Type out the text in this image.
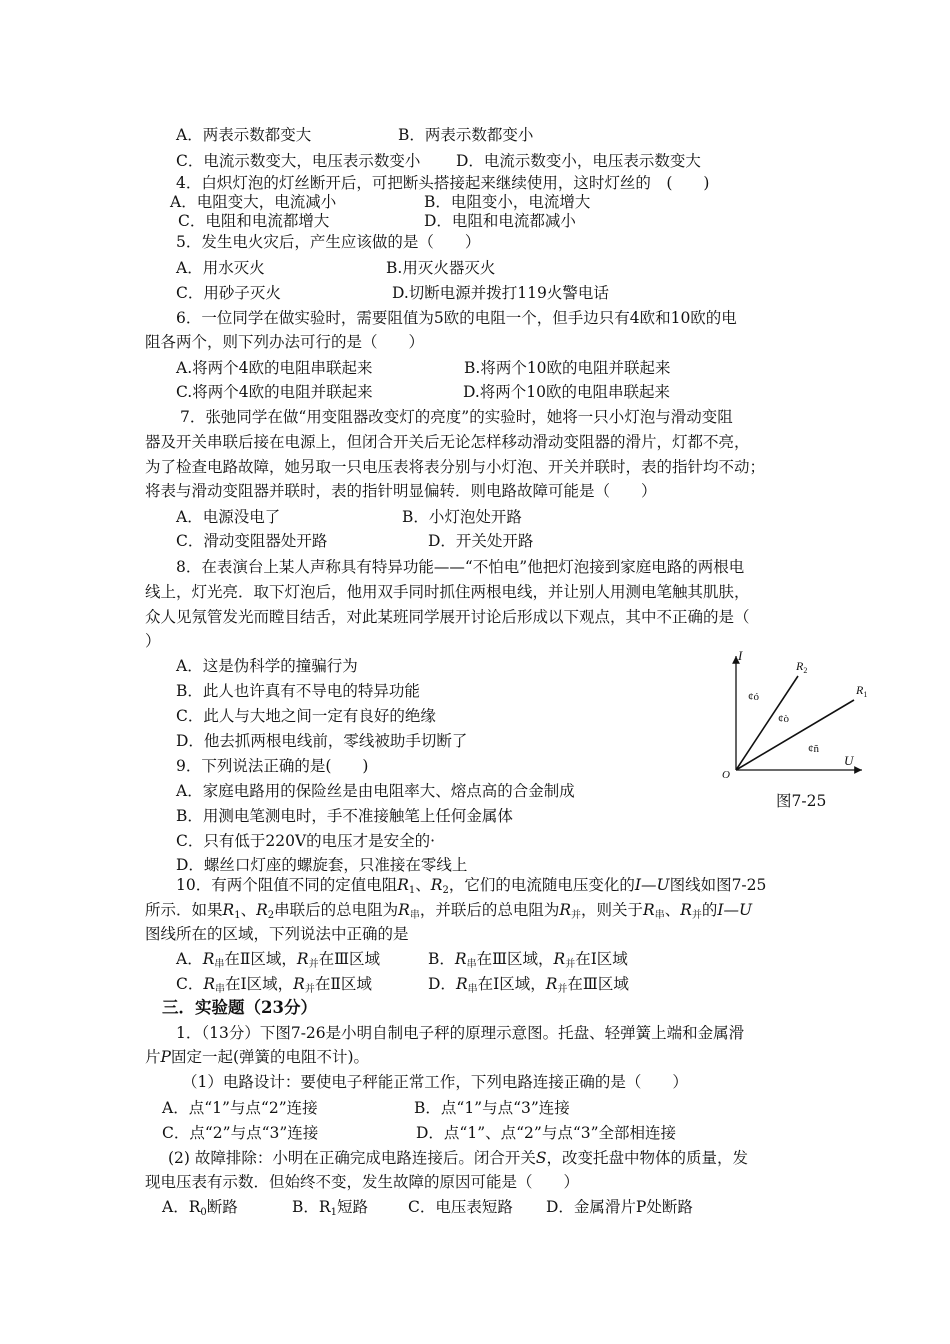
A．两表示数都变大	B．两表示数都变小
C．电流示数变大，电压表示数变小 D．电流示数变小，电压表示数变大
4．白炽灯泡的灯丝断开后，可把断头搭接起来继续使用，这时灯丝的　(　　)
A．电阻变大，电流减小	B．电阻变小，电流增大
C．电阻和电流都增大	D．电阻和电流都减小
5．发生电火灾后，产生应该做的是（　　）
A．用水灭火	B.用灭火器灭火
C．用砂子灭火	D.切断电源并拨打119火警电话
6．一位同学在做实验时，需要阻值为5欧的电阻一个，但手边只有4欧和10欧的电
阻各两个，则下列办法可行的是（　　）
A.将两个4欧的电阻串联起来	B.将两个10欧的电阻并联起来
C.将两个4欧的电阻并联起来	D.将两个10欧的电阻串联起来
7．张弛同学在做“用变阻器改变灯的亮度”的实验时，她将一只小灯泡与滑动变阻
器及开关串联后接在电源上，但闭合开关后无论怎样移动滑动变阻器的滑片，灯都不亮，
为了检查电路故障，她另取一只电压表将表分别与小灯泡、开关并联时，表的指针均不动；
将表与滑动变阻器并联时，表的指针明显偏转．则电路故障可能是（　　）
A．电源没电了	B．小灯泡处开路
C．滑动变阻器处开路	D．开关处开路
8．在表演台上某人声称具有特异功能——“不怕电”他把灯泡接到家庭电路的两根电
线上，灯光亮．取下灯泡后，他用双手同时抓住两根电线，并让别人用测电笔触其肌肤，
众人见氖管发光而瞠目结舌，对此某班同学展开讨论后形成以下观点，其中不正确的是（
）
A．这是伪科学的撞骗行为
B．此人也许真有不导电的特异功能
C．此人与大地之间一定有良好的绝缘
D．他去抓两根电线前，零线被助手切断了
9．下列说法正确的是(　　)
A．家庭电路用的保险丝是由电阻率大、熔点高的合金制成
B．用测电笔测电时，手不准接触笔上任何金属体
C．只有低于220V的电压才是安全的·
D．螺丝口灯座的螺旋套，只准接在零线上
I
U
O
$R_2$
$R_1$
¢ó
¢ò
¢ñ
图7-25
10．有两个阻值不同的定值电阻$R_1$、$R_2$，它们的电流随电压变化的I—U图线如图7-25
所示．如果$R_1$、$R_2$串联后的总电阻为$R_串$，并联后的总电阻为$R_并$，则关于$R_串$、$R_并$的I—U
图线所在的区域，下列说法中正确的是
A．$R_串$在Ⅱ区域，$R_并$在Ⅲ区域	B．$R_串$在Ⅲ区域，$R_并$在Ⅰ区域
C．$R_串$在Ⅰ区域，$R_并$在Ⅱ区域	D．$R_串$在Ⅰ区域，$R_并$在Ⅲ区域
三．实验题（23分）
1．（13分）下图7-26是小明自制电子秤的原理示意图。托盘、轻弹簧上端和金属滑
片P固定一起(弹簧的电阻不计)。
（1）电路设计：要使电子秤能正常工作，下列电路连接正确的是（　　）
A．点“1”与点“2”连接	B．点“1”与点“3”连接
C．点“2”与点“3”连接	D．点“1”、点“2”与点“3”全部相连接
(2) 故障排除：小明在正确完成电路连接后。闭合开关S，改变托盘中物体的质量，发
现电压表有示数．但始终不变，发生故障的原因可能是（　　）
A．$R_0$断路	B．$R_1$短路	C．电压表短路 D．金属滑片P处断路
